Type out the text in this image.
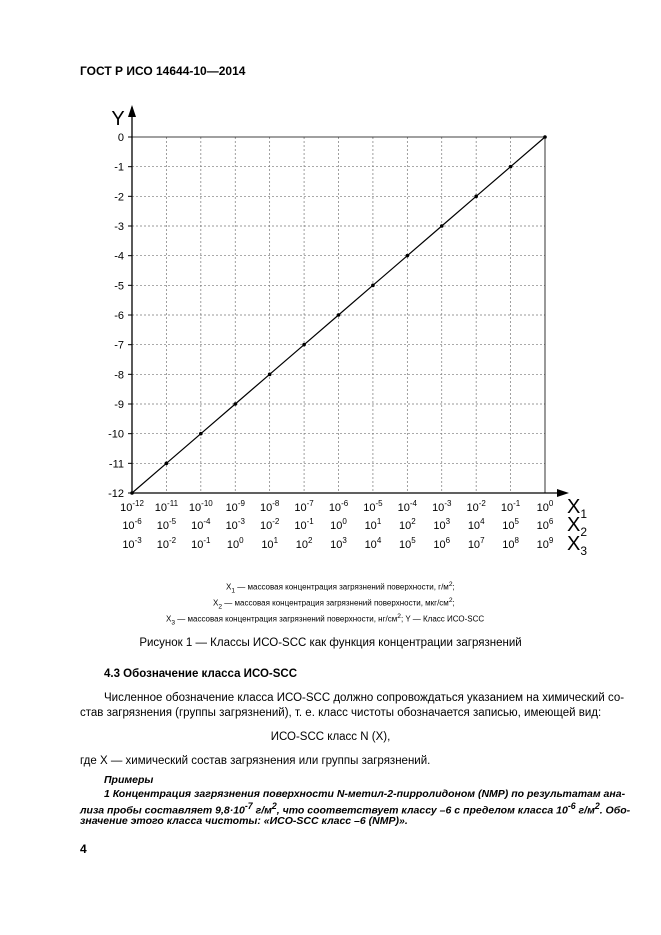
ГОСТ Р ИСО 14644-10—2014
Y
0
-1
-2
-3
-4
-5
-6
-7
-8
-9
-10
-11
-12
$10^{-12}$ $10^{-11}$ $10^{-10}$ $10^{-9}$ $10^{-8}$ $10^{-7}$ $10^{-6}$ $10^{-5}$ $10^{-4}$ $10^{-3}$ $10^{-2}$ $10^{-1}$ $10^0$ $X_1$
$10^{-6}$ $10^{-5}$ $10^{-4}$ $10^{-3}$ $10^{-2}$ $10^{-1}$ $10^0$ $10^1$ $10^2$ $10^3$ $10^4$ $10^5$ $10^6$ $X_2$
$10^{-3}$ $10^{-2}$ $10^{-1}$ $10^0$ $10^1$ $10^2$ $10^3$ $10^4$ $10^5$ $10^6$ $10^7$ $10^8$ $10^9$ $X_3$
$X_1$ — массовая концентрация загрязнений поверхности, $г/м^2$;
$X_2$ — массовая концентрация загрязнений поверхности, мкг/$см^2$;
$X_3$ — массовая концентрация загрязнений поверхности, $нг/см^2$; Y — Класс ИСО-SCC
Рисунок 1 — Классы ИСО-SCC как функция концентрации загрязнений
4.3 Обозначение класса ИСО-SCC
Численное обозначение класса ИСО-SCC должно сопровождаться указанием на химический со-
став загрязнения (группы загрязнений), т. е. класс чистоты обозначается записью, имеющей вид:
ИСО-SCC класс N (X),
где X — химический состав загрязнения или группы загрязнений.
Примеры
1 Концентрация загрязнения поверхности N-метил-2-пирролидоном (NMP) по результатам ана-
лиза пробы составляет $9,8\cdot 10^{-7}$ $г/м^2$, что соответствует классу –6 с пределом класса $10^{-6}$ $г/м^2$. Обо-
значение этого класса чистоты: «ИСО-SCC класс –6 (NMP)».
4
